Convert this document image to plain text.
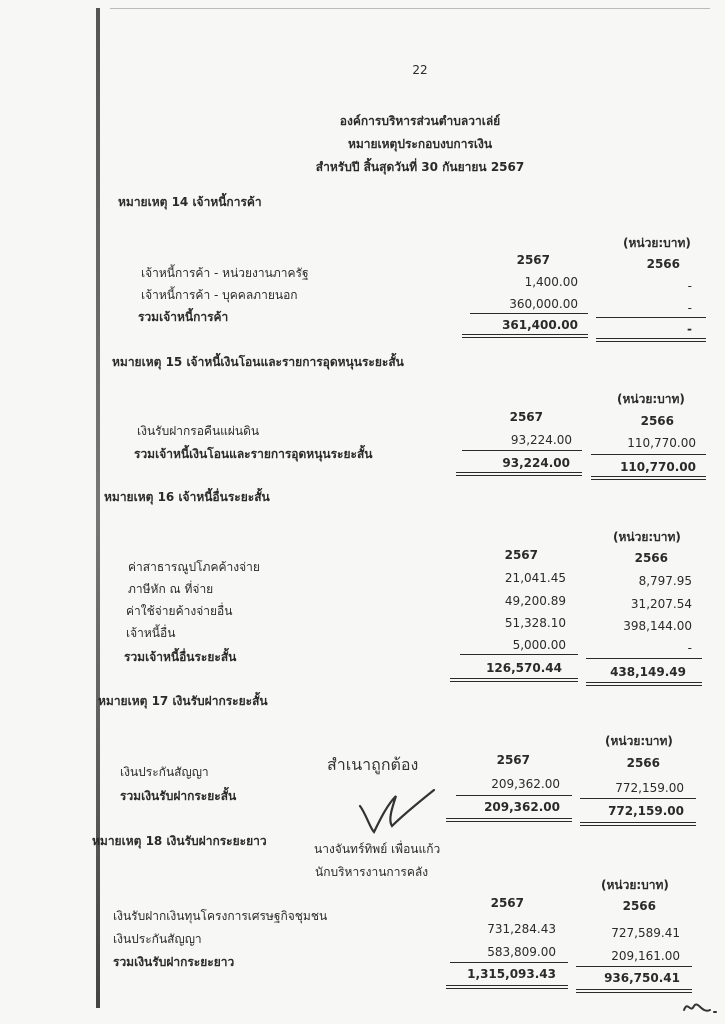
22
องค์การบริหารส่วนตำบลวาเล่ย์
หมายเหตุประกอบงบการเงิน
สำหรับปี สิ้นสุดวันที่ 30 กันยายน 2567
หมายเหตุ 14 เจ้าหนี้การค้า
(หน่วย:บาท)
2567	2566
เจ้าหนี้การค้า - หน่วยงานภาครัฐ
1,400.00	-
เจ้าหนี้การค้า - บุคคลภายนอก
360,000.00	-
รวมเจ้าหนี้การค้า
361,400.00	-
หมายเหตุ 15 เจ้าหนี้เงินโอนและรายการอุดหนุนระยะสั้น
(หน่วย:บาท)
2567	2566
เงินรับฝากรอคืนแผ่นดิน
93,224.00	110,770.00
รวมเจ้าหนี้เงินโอนและรายการอุดหนุนระยะสั้น
93,224.00	110,770.00
หมายเหตุ 16 เจ้าหนี้อื่นระยะสั้น
(หน่วย:บาท)
2567	2566
ค่าสาธารณูปโภคค้างจ่าย
21,041.45	8,797.95
ภาษีหัก ณ ที่จ่าย
49,200.89	31,207.54
ค่าใช้จ่ายค้างจ่ายอื่น
51,328.10	398,144.00
เจ้าหนี้อื่น
5,000.00	-
รวมเจ้าหนี้อื่นระยะสั้น
126,570.44	438,149.49
หมายเหตุ 17 เงินรับฝากระยะสั้น
(หน่วย:บาท)
2567	2566
เงินประกันสัญญา
209,362.00	772,159.00
รวมเงินรับฝากระยะสั้น
209,362.00	772,159.00
สำเนาถูกต้อง
นางจันทร์ทิพย์ เพื่อนแก้ว
นักบริหารงานการคลัง
หมายเหตุ 18 เงินรับฝากระยะยาว
(หน่วย:บาท)
2567	2566
เงินรับฝากเงินทุนโครงการเศรษฐกิจชุมชน
731,284.43	727,589.41
เงินประกันสัญญา
583,809.00	209,161.00
รวมเงินรับฝากระยะยาว
1,315,093.43	936,750.41
